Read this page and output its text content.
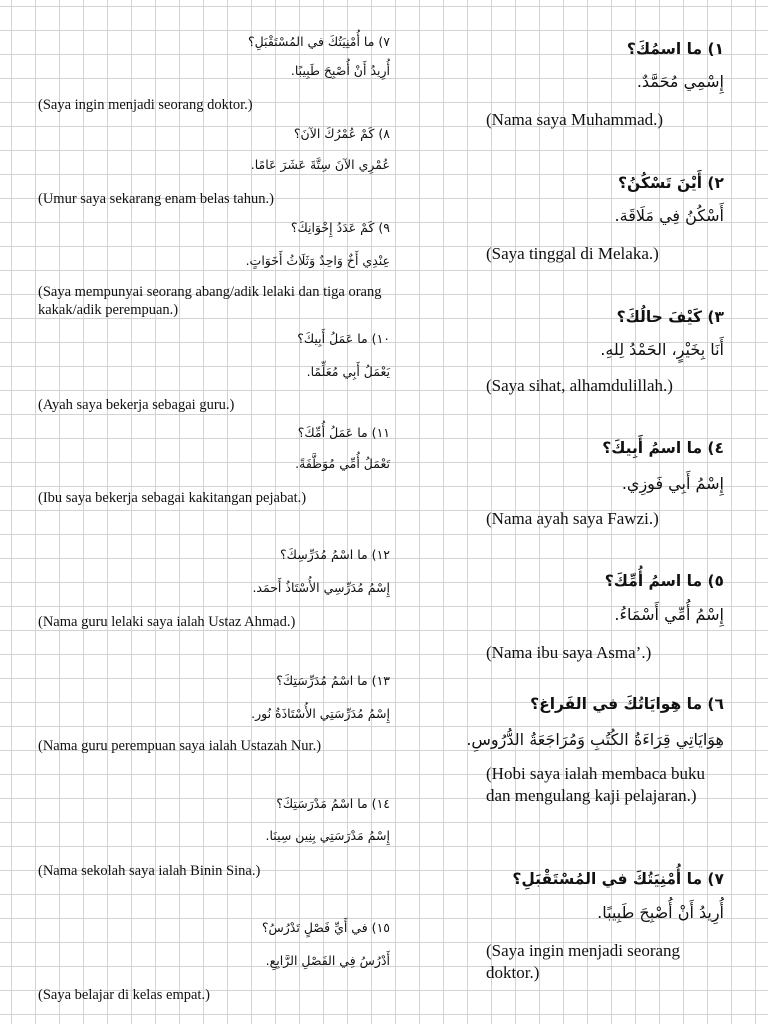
٧) ما أُمْنِيَتُكَ في المُسْتَقْبَلِ؟
أُرِيدُ أَنْ أُصْبِحَ طَبِيبًا.
(Saya ingin menjadi seorang doktor.)
٨) كَمْ عُمْرُكَ الآنَ؟
عُمْرِي الآنَ سِتَّةَ عَشَرَ عَامًا.
(Umur saya sekarang enam belas tahun.)
٩) كَمْ عَدَدُ إِخْوَانِكَ؟
عِنْدِي أَخٌ وَاحِدٌ وَثَلَاثُ أَخَوَاتٍ.
(Saya mempunyai seorang abang/adik lelaki dan tiga orang kakak/adik perempuan.)
١٠) ما عَمَلُ أَبِيكَ؟
يَعْمَلُ أَبِي مُعَلِّمًا.
(Ayah saya bekerja sebagai guru.)
١١) ما عَمَلُ أُمِّكَ؟
تَعْمَلُ أُمِّي مُوَظَّفَةً.
(Ibu saya bekerja sebagai kakitangan pejabat.)
١٢) ما اسْمُ مُدَرِّسِكَ؟
إِسْمُ مُدَرِّسِي الأُسْتَاذُ أَحمَد.
(Nama guru lelaki saya ialah Ustaz Ahmad.)
١٣) ما اسْمُ مُدَرِّسَتِكَ؟
إِسْمُ مُدَرِّسَتِي الأُسْتَاذَةُ نُور.
(Nama guru perempuan saya ialah Ustazah Nur.)
١٤) ما اسْمُ مَدْرَسَتِكَ؟
إِسْمُ مَدْرَسَتِي بِنِين سِينَا.
(Nama sekolah saya ialah Binin Sina.)
١٥) في أَيِّ فَصْلٍ تَدْرُسُ؟
أَدْرُسُ فِي الفَصْلِ الرَّابِعِ.
(Saya belajar di kelas empat.)
١) ما اسمُكَ؟
إِسْمِي مُحَمَّدٌ.
(Nama saya Muhammad.)
٢) أَيْنَ تَسْكُنُ؟
أَسْكُنُ فِي مَلَاقَة.
(Saya tinggal di Melaka.)
٣) كَيْفَ حالُكَ؟
أَنَا بِخَيْرٍ، الحَمْدُ لِلهِ.
(Saya sihat, alhamdulillah.)
٤) ما اسمُ أَبِيكَ؟
إِسْمُ أَبِي فَوزِي.
(Nama ayah saya Fawzi.)
٥) ما اسمُ أُمِّكَ؟
إِسْمُ أُمِّي أَسْمَاءُ.
(Nama ibu saya Asma’.)
٦) ما هِوايَاتُكَ في الفَراغ؟
هِوَايَاتِي قِرَاءَةُ الكُتُبِ وَمُرَاجَعَةُ الدُّرُوسِ.
(Hobi saya ialah membaca buku dan mengulang kaji pelajaran.)
٧) ما أُمْنِيَتُكَ في المُسْتَقْبَلِ؟
أُرِيدُ أَنْ أُصْبِحَ طَبِيبًا.
(Saya ingin menjadi seorang doktor.)
